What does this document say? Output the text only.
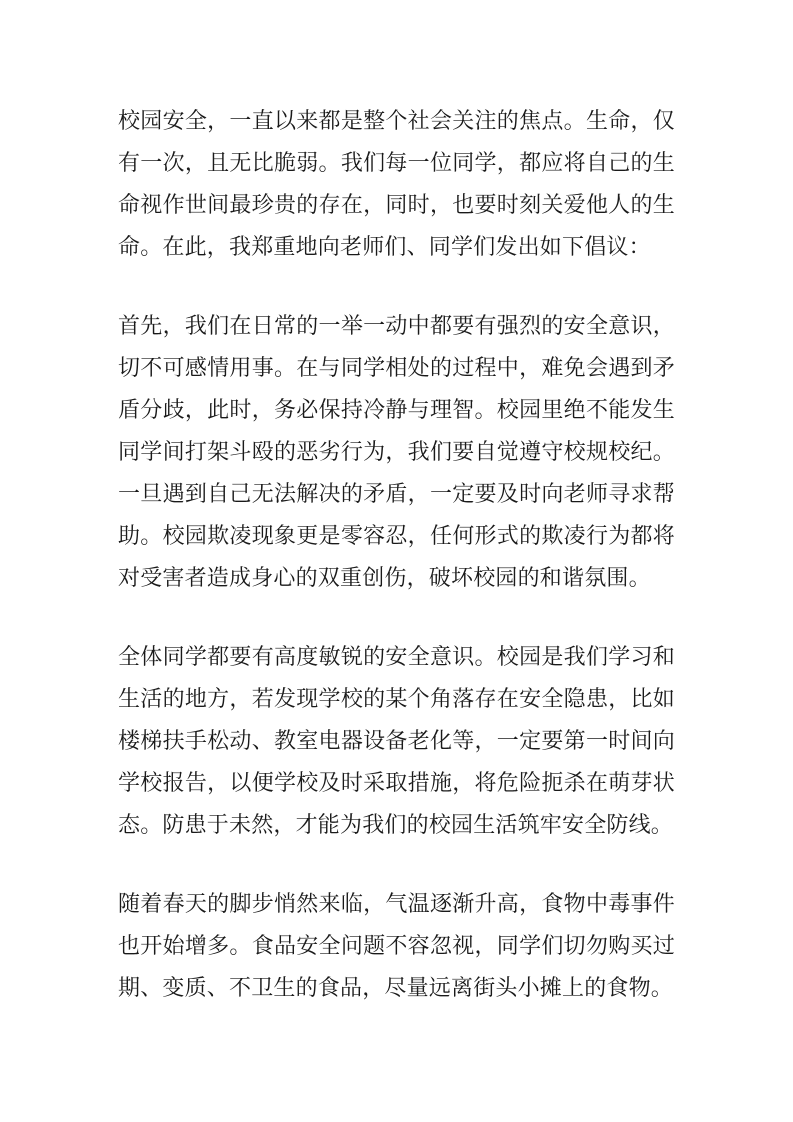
校园安全，一直以来都是整个社会关注的焦点。生命，仅有一次，且无比脆弱。我们每一位同学，都应将自己的生命视作世间最珍贵的存在，同时，也要时刻关爱他人的生命。在此，我郑重地向老师们、同学们发出如下倡议：

首先，我们在日常的一举一动中都要有强烈的安全意识，切不可感情用事。在与同学相处的过程中，难免会遇到矛盾分歧，此时，务必保持冷静与理智。校园里绝不能发生同学间打架斗殴的恶劣行为，我们要自觉遵守校规校纪。一旦遇到自己无法解决的矛盾，一定要及时向老师寻求帮助。校园欺凌现象更是零容忍，任何形式的欺凌行为都将对受害者造成身心的双重创伤，破坏校园的和谐氛围。

全体同学都要有高度敏锐的安全意识。校园是我们学习和生活的地方，若发现学校的某个角落存在安全隐患，比如楼梯扶手松动、教室电器设备老化等，一定要第一时间向学校报告，以便学校及时采取措施，将危险扼杀在萌芽状态。防患于未然，才能为我们的校园生活筑牢安全防线。

随着春天的脚步悄然来临，气温逐渐升高，食物中毒事件也开始增多。食品安全问题不容忽视，同学们切勿购买过期、变质、不卫生的食品，尽量远离街头小摊上的食物。
